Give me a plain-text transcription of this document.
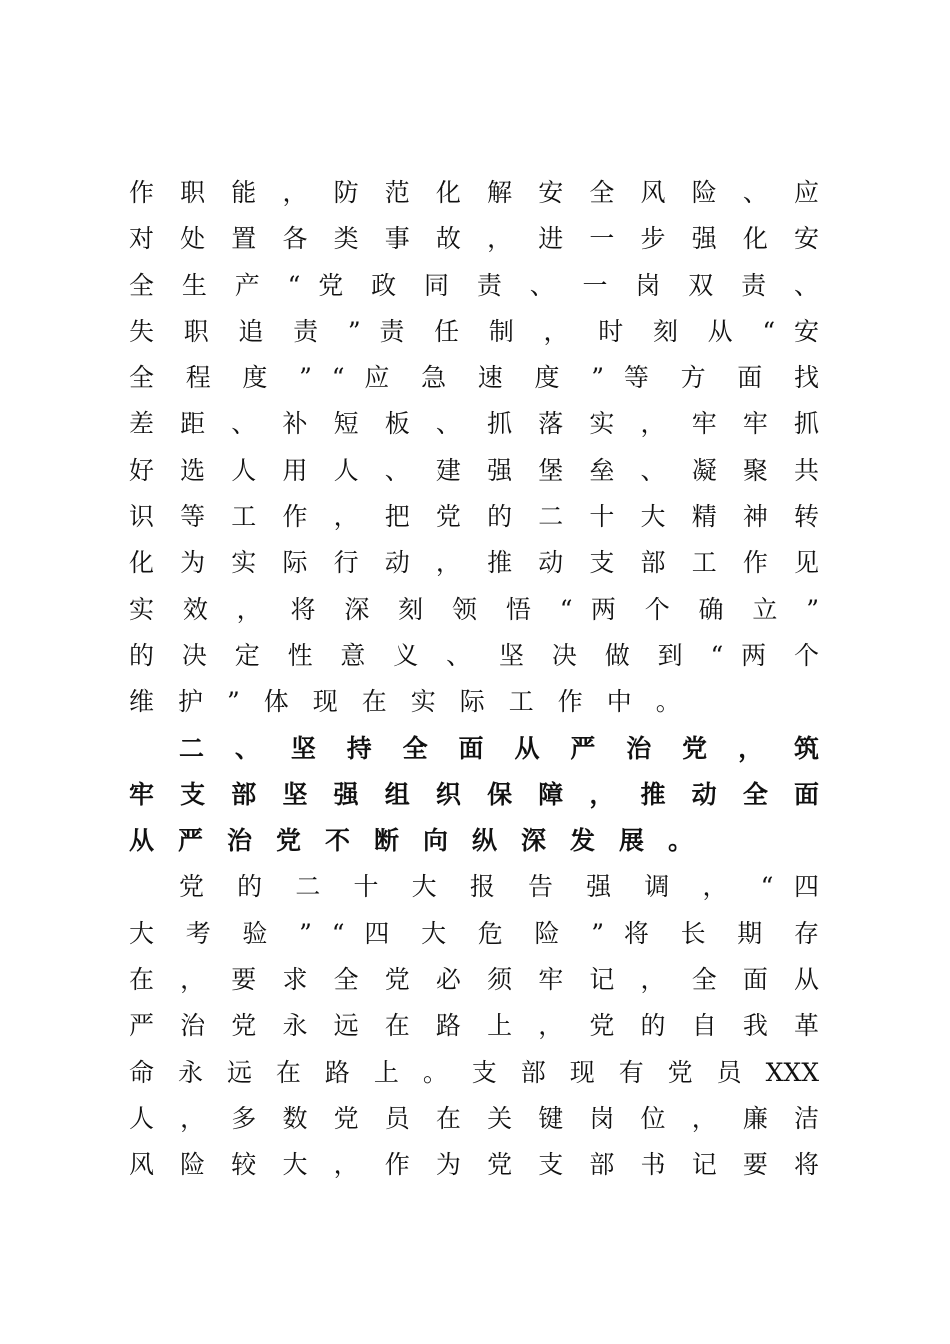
作 职 能 ， 防 范 化 解 安 全 风 险 、 应
对 处 置 各 类 事 故 ， 进 一 步 强 化 安
全 生 产 “ 党 政 同 责 、 一 岗 双 责 、
失 职 追 责 ” 责 任 制 ， 时 刻 从 “ 安
全 程 度 ” “ 应 急 速 度 ” 等 方 面 找
差 距 、 补 短 板 、 抓 落 实 ， 牢 牢 抓
好 选 人 用 人 、 建 强 堡 垒 、 凝 聚 共
识 等 工 作 ， 把 党 的 二 十 大 精 神 转
化 为 实 际 行 动 ， 推 动 支 部 工 作 见
实 效 ， 将 深 刻 领 悟 “ 两 个 确 立 ”
的 决 定 性 意 义 、 坚 决 做 到 “ 两 个
维护”体现在实际工作中。
二 、 坚 持 全 面 从 严 治 党 ， 筑
牢 支 部 坚 强 组 织 保 障 ， 推 动 全 面
从严治党不断向纵深发展。
党 的 二 十 大 报 告 强 调 ， “ 四
大 考 验 ” “ 四 大 危 险 ” 将 长 期 存
在 ， 要 求 全 党 必 须 牢 记 ， 全 面 从
严 治 党 永 远 在 路 上 ， 党 的 自 我 革
命 永 远 在 路 上 。 支 部 现 有 党 员 XXX
人 ， 多 数 党 员 在 关 键 岗 位 ， 廉 洁
风 险 较 大 ， 作 为 党 支 部 书 记 要 将
